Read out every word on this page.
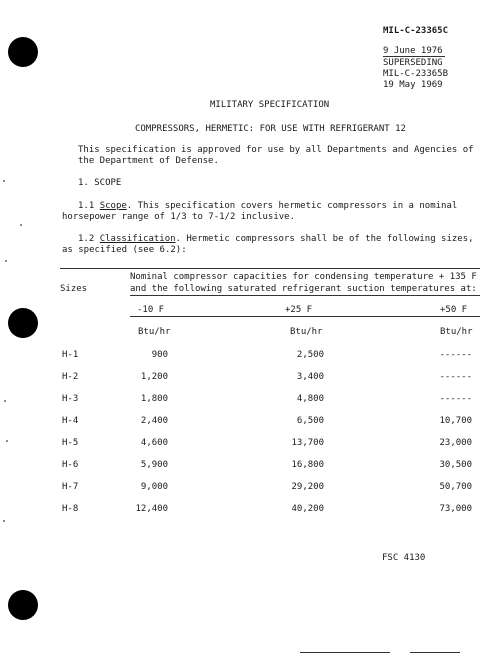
MIL-C-23365C
9 June 1976
SUPERSEDING
MIL-C-23365B
19 May 1969
MILITARY SPECIFICATION
COMPRESSORS, HERMETIC: FOR USE WITH REFRIGERANT 12
This specification is approved for use by all Departments and Agencies of
the Department of Defense.
1. SCOPE
1.1 Scope. This specification covers hermetic compressors in a nominal
horsepower range of 1/3 to 7-1/2 inclusive.
1.2 Classification. Hermetic compressors shall be of the following sizes,
as specified (see 6.2):
Nominal compressor capacities for condensing temperature + 135 F
and the following saturated refrigerant suction temperatures at:
Sizes
-10 F	+25 F	+50 F
Btu/hr	Btu/hr	Btu/hr
H-1	900	2,500	------
H-2	1,200	3,400	------
H-3	1,800	4,800	------
H-4	2,400	6,500	10,700
H-5	4,600	13,700	23,000
H-6	5,900	16,800	30,500
H-7	9,000	29,200	50,700
H-8	12,400	40,200	73,000
FSC 4130
